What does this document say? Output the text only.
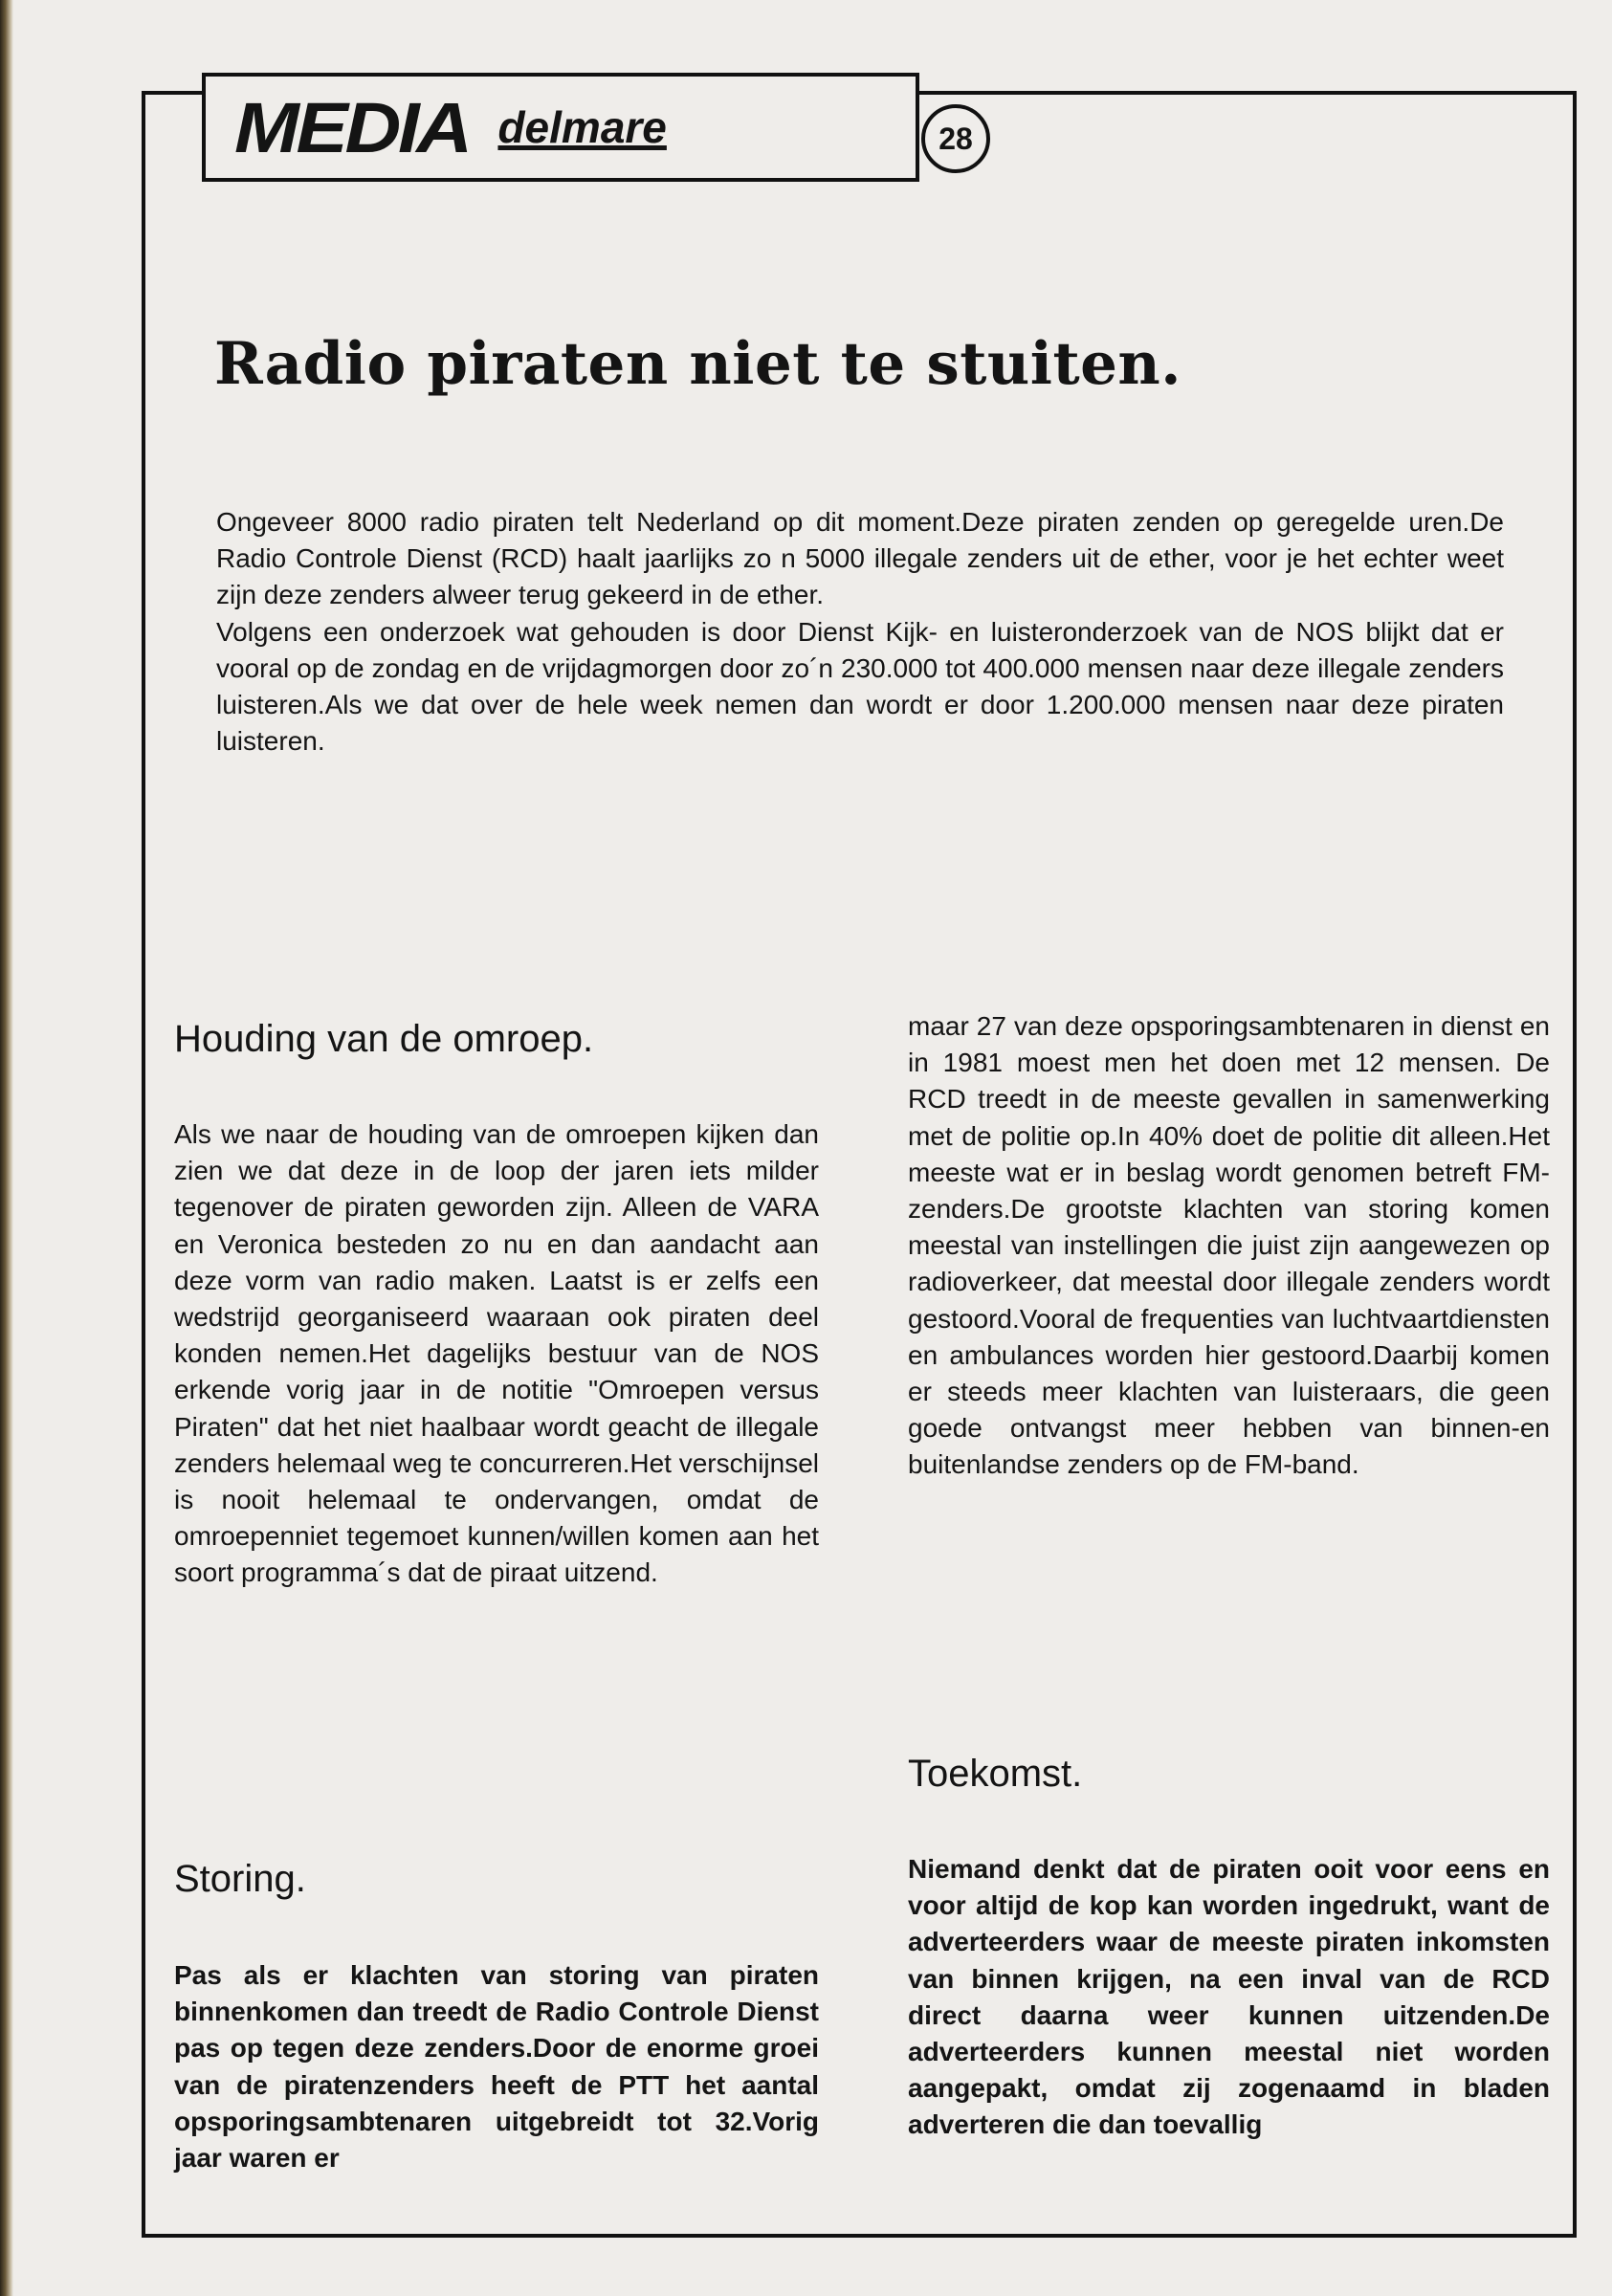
MEDIA delmare	28
Radio piraten niet te stuiten.

Ongeveer 8000 radio piraten telt Nederland op dit moment.Deze piraten zenden op geregelde uren.De Radio Controle Dienst (RCD) haalt jaarlijks zo n 5000 illegale zenders uit de ether, voor je het echter weet zijn deze zenders alweer terug gekeerd in de ether.

Volgens een onderzoek wat gehouden is door Dienst Kijk- en luisteronderzoek van de NOS blijkt dat er vooral op de zondag en de vrijdagmorgen door zo´n 230.000 tot 400.000 mensen naar deze illegale zenders luisteren.Als we dat over de hele week nemen dan wordt er door 1.200.000 mensen naar deze piraten luisteren.

Houding van de omroep.
Als we naar de houding van de omroepen kijken dan zien we dat deze in de loop der jaren iets milder tegenover de piraten geworden zijn. Alleen de VARA en Veronica besteden zo nu en dan aandacht aan deze vorm van radio maken. Laatst is er zelfs een wedstrijd georganiseerd waaraan ook piraten deel konden nemen.Het dagelijks bestuur van de NOS erkende vorig jaar in de notitie "Omroepen versus Piraten" dat het niet haalbaar wordt geacht de illegale zenders helemaal weg te concurreren.Het verschijnsel is nooit helemaal te ondervangen, omdat de omroepenniet tegemoet kunnen/willen komen aan het soort programma´s dat de piraat uitzend.
Storing.
Pas als er klachten van storing van piraten binnenkomen dan treedt de Radio Controle Dienst pas op tegen deze zenders.Door de enorme groei van de piratenzenders heeft de PTT het aantal opsporingsambtenaren uitgebreidt tot 32.Vorig jaar waren er
maar 27 van deze opsporingsambtenaren in dienst en in 1981 moest men het doen met 12 mensen. De RCD treedt in de meeste gevallen in samenwerking met de politie op.In 40% doet de politie dit alleen.Het meeste wat er in beslag wordt genomen betreft FM-zenders.De grootste klachten van storing komen meestal van instellingen die juist zijn aangewezen op radioverkeer, dat meestal door illegale zenders wordt gestoord.Vooral de frequenties van luchtvaartdiensten en ambulances worden hier gestoord.Daarbij komen er steeds meer klachten van luisteraars, die geen goede ontvangst meer hebben van binnen-en buitenlandse zenders op de FM-band.
Toekomst.
Niemand denkt dat de piraten ooit voor eens en voor altijd de kop kan worden ingedrukt, want de adverteerders waar de meeste piraten inkomsten van binnen krijgen, na een inval van de RCD direct daarna weer kunnen uitzenden.De adverteerders kunnen meestal niet worden aangepakt, omdat zij zogenaamd in bladen adverteren die dan toevallig
